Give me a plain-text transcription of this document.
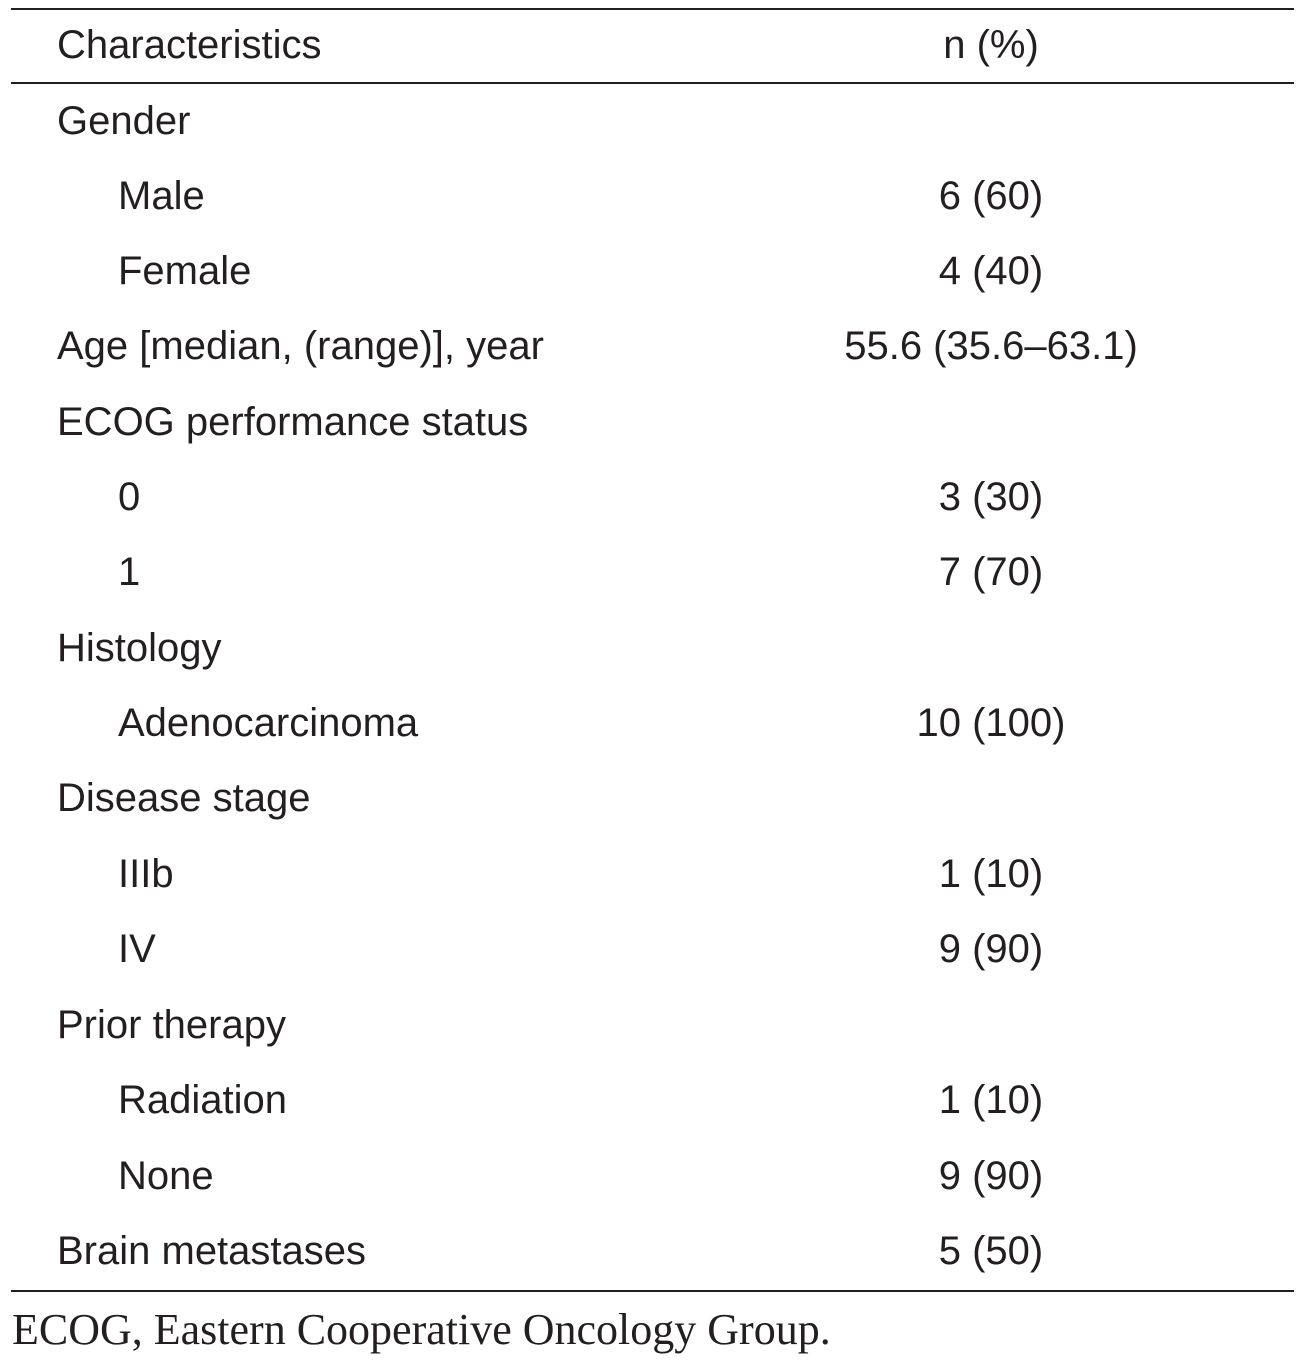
Characteristics	n (%)
Gender
Male	6 (60)
Female	4 (40)
Age [median, (range)], year	55.6 (35.6–63.1)
ECOG performance status
0	3 (30)
1	7 (70)
Histology
Adenocarcinoma	10 (100)
Disease stage
IIIb	1 (10)
IV	9 (90)
Prior therapy
Radiation	1 (10)
None	9 (90)
Brain metastases	5 (50)
ECOG, Eastern Cooperative Oncology Group.
